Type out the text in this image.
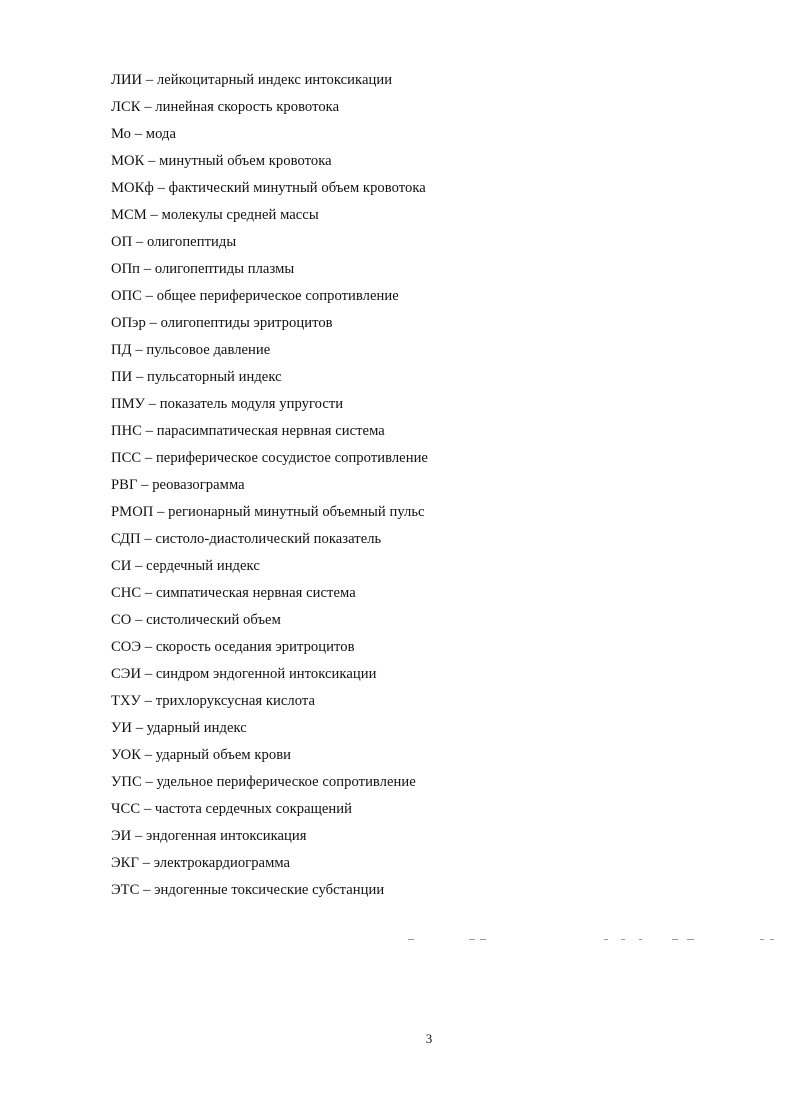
ЛИИ – лейкоцитарный индекс интоксикации
ЛСК – линейная скорость кровотока
Мо – мода
МОК – минутный объем кровотока
МОКф – фактический минутный объем кровотока
МСМ – молекулы средней массы
ОП – олигопептиды
ОПп – олигопептиды плазмы
ОПС – общее периферическое сопротивление
ОПэр – олигопептиды эритроцитов
ПД – пульсовое давление
ПИ – пульсаторный индекс
ПМУ – показатель модуля упругости
ПНС – парасимпатическая нервная система
ПСС – периферическое сосудистое сопротивление
РВГ – реовазограмма
РМОП – регионарный минутный объемный пульс
СДП – систоло-диастолический показатель
СИ – сердечный индекс
СНС – симпатическая нервная система
СО – систолический объем
СОЭ – скорость оседания эритроцитов
СЭИ – синдром эндогенной интоксикации
ТХУ – трихлоруксусная кислота
УИ – ударный индекс
УОК – ударный объем крови
УПС – удельное периферическое сопротивление
ЧСС – частота сердечных сокращений
ЭИ – эндогенная интоксикация
ЭКГ – электрокардиограмма
ЭТС – эндогенные токсические субстанции
3
